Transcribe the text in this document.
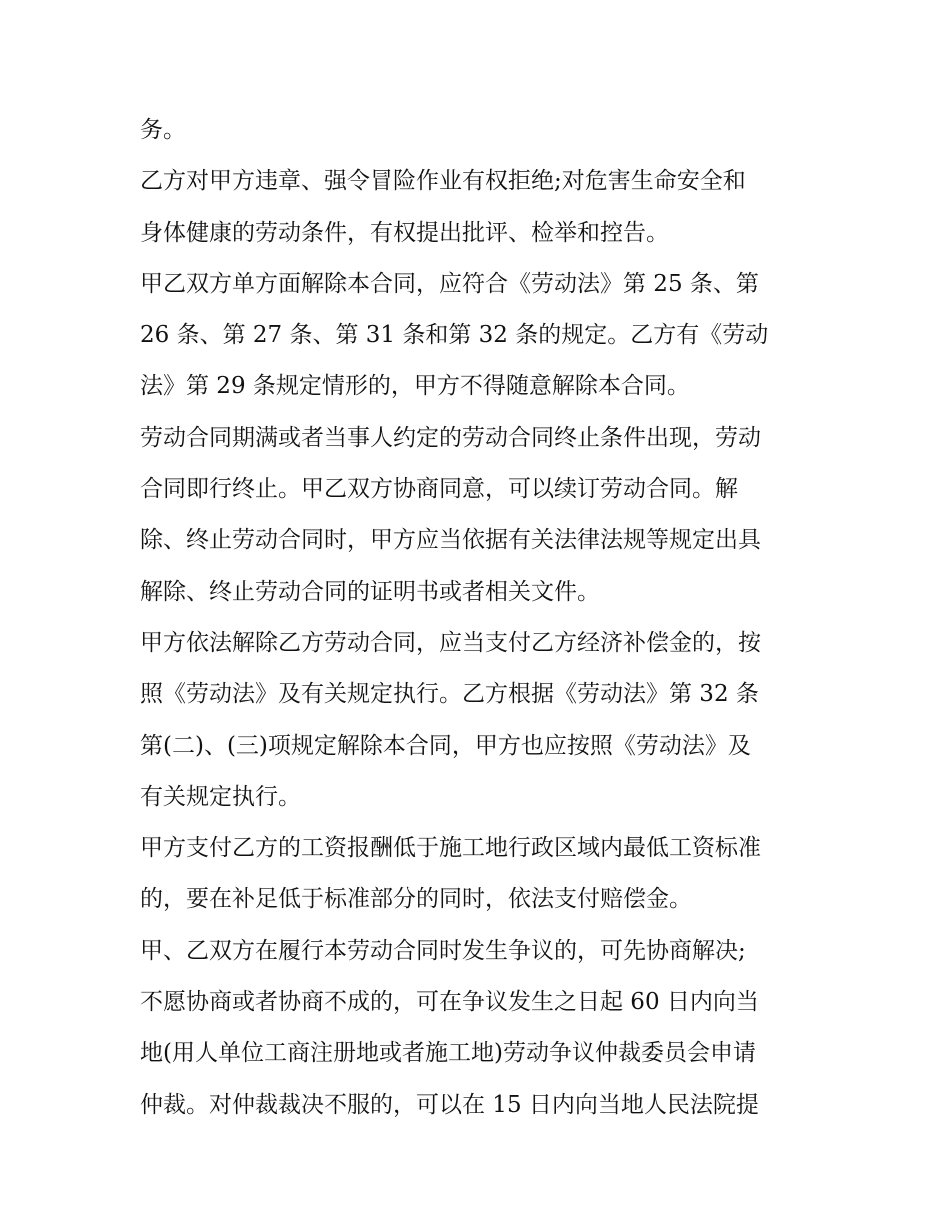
务。

乙方对甲方违章、强令冒险作业有权拒绝;对危害生命安全和

身体健康的劳动条件，有权提出批评、检举和控告。

甲乙双方单方面解除本合同，应符合《劳动法》第 25 条、第

26 条、第 27 条、第 31 条和第 32 条的规定。乙方有《劳动

法》第 29 条规定情形的，甲方不得随意解除本合同。

劳动合同期满或者当事人约定的劳动合同终止条件出现，劳动

合同即行终止。甲乙双方协商同意，可以续订劳动合同。解

除、终止劳动合同时，甲方应当依据有关法律法规等规定出具

解除、终止劳动合同的证明书或者相关文件。

甲方依法解除乙方劳动合同，应当支付乙方经济补偿金的，按

照《劳动法》及有关规定执行。乙方根据《劳动法》第 32 条

第(二)、(三)项规定解除本合同，甲方也应按照《劳动法》及

有关规定执行。

甲方支付乙方的工资报酬低于施工地行政区域内最低工资标准

的，要在补足低于标准部分的同时，依法支付赔偿金。

甲、乙双方在履行本劳动合同时发生争议的，可先协商解决;

不愿协商或者协商不成的，可在争议发生之日起 60 日内向当

地(用人单位工商注册地或者施工地)劳动争议仲裁委员会申请

仲裁。对仲裁裁决不服的，可以在 15 日内向当地人民法院提
